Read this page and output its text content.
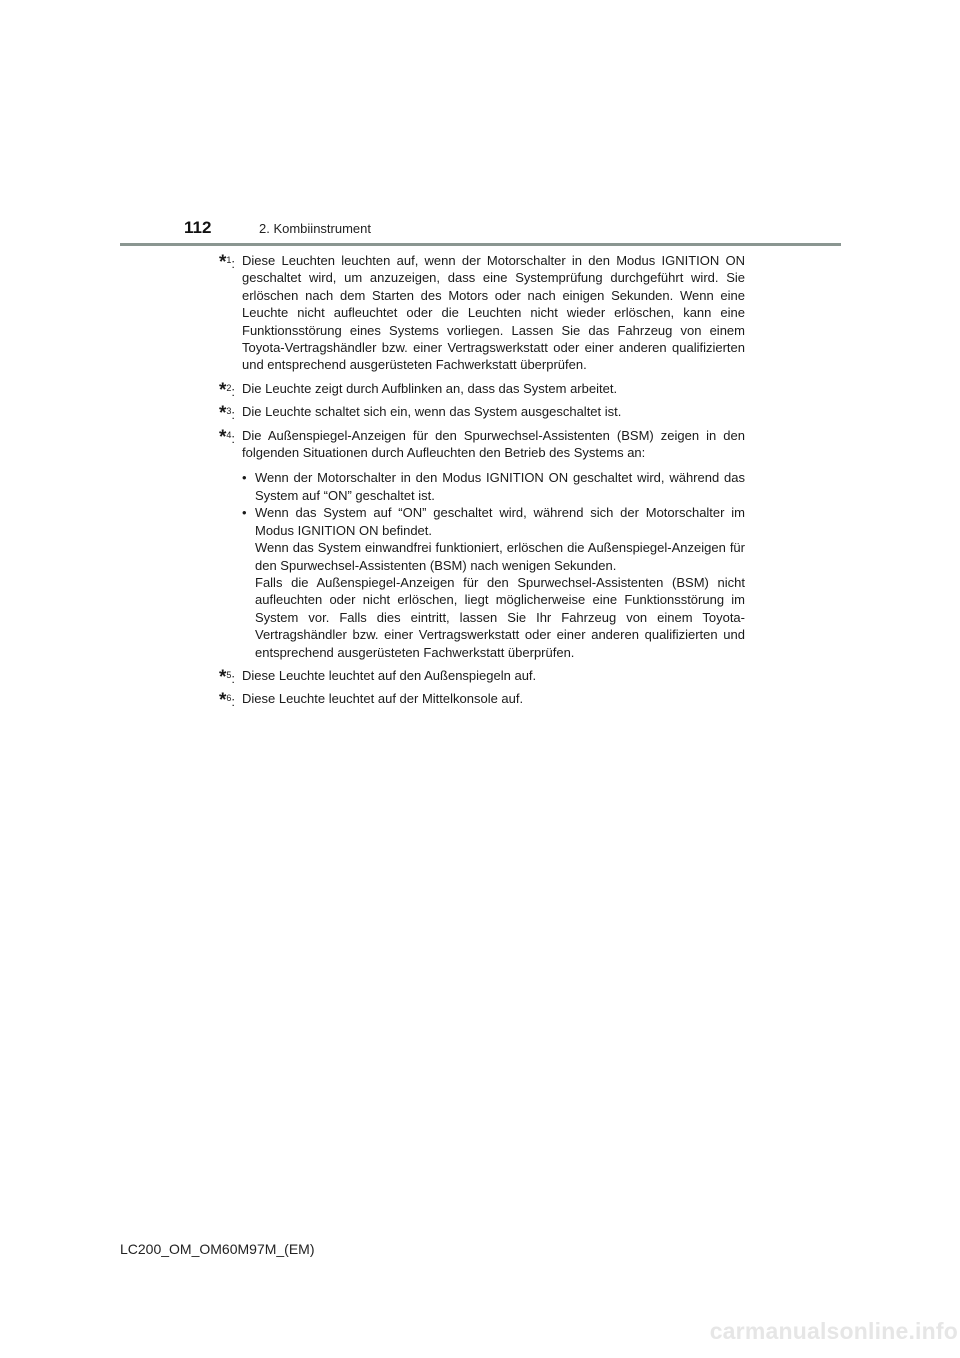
112	2. Kombiinstrument
*$^1$: Diese Leuchten leuchten auf, wenn der Motorschalter in den Modus IGNITION ON geschaltet wird, um anzuzeigen, dass eine Systemprüfung durchgeführt wird. Sie erlöschen nach dem Starten des Motors oder nach einigen Sekunden. Wenn eine Leuchte nicht aufleuchtet oder die Leuchten nicht wieder erlöschen, kann eine Funktionsstörung eines Systems vorliegen. Lassen Sie das Fahrzeug von einem Toyota-Vertragshändler bzw. einer Vertragswerkstatt oder einer anderen qualifizierten und entsprechend ausgerüsteten Fachwerkstatt überprüfen.
*$^2$: Die Leuchte zeigt durch Aufblinken an, dass das System arbeitet.
*$^3$: Die Leuchte schaltet sich ein, wenn das System ausgeschaltet ist.
*$^4$: Die Außenspiegel-Anzeigen für den Spurwechsel-Assistenten (BSM) zeigen in den folgenden Situationen durch Aufleuchten den Betrieb des Systems an:
• Wenn der Motorschalter in den Modus IGNITION ON geschaltet wird, während das System auf “ON” geschaltet ist.
• Wenn das System auf “ON” geschaltet wird, während sich der Motorschalter im Modus IGNITION ON befindet.
Wenn das System einwandfrei funktioniert, erlöschen die Außenspiegel-Anzeigen für den Spurwechsel-Assistenten (BSM) nach wenigen Sekunden.
Falls die Außenspiegel-Anzeigen für den Spurwechsel-Assistenten (BSM) nicht aufleuchten oder nicht erlöschen, liegt möglicherweise eine Funktionsstörung im System vor. Falls dies eintritt, lassen Sie Ihr Fahrzeug von einem Toyota-Vertragshändler bzw. einer Vertragswerkstatt oder einer anderen qualifizierten und entsprechend ausgerüsteten Fachwerkstatt überprüfen.
*$^5$: Diese Leuchte leuchtet auf den Außenspiegeln auf.
*$^6$: Diese Leuchte leuchtet auf der Mittelkonsole auf.
LC200_OM_OM60M97M_(EM)
carmanualsonline.info
